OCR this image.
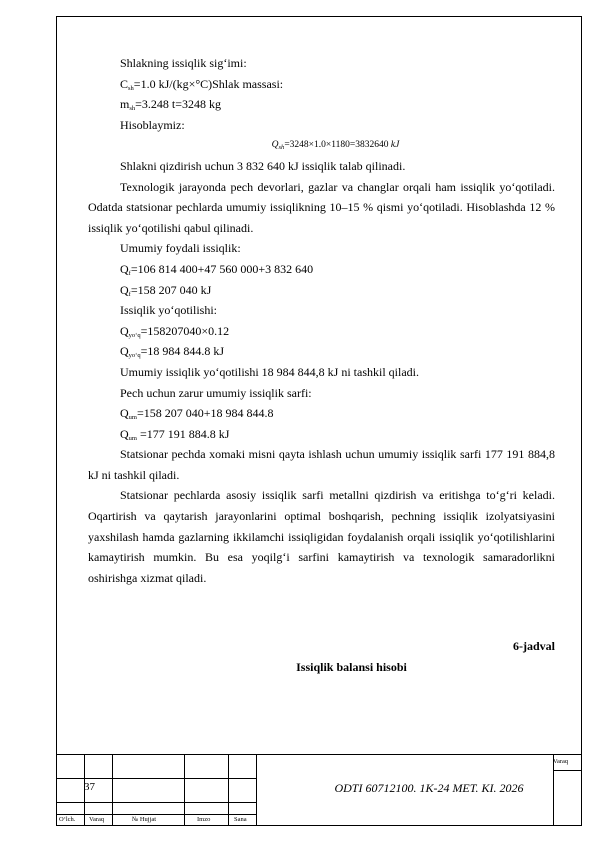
Shlakning issiqlik sig‘imi:

$C_{sh}=1.0$ kJ/(kg×°C)Shlak massasi:

$m_{sh}=3.248$ t=3248 kg

Hisoblaymiz:

$Q_{sh}=3248\times 1.0\times 1180=3832640$ kJ

Shlakni qizdirish uchun 3 832 640 kJ issiqlik talab qilinadi.

Texnologik jarayonda pech devorlari, gazlar va changlar orqali ham issiqlik yo‘qotiladi. Odatda statsionar pechlarda umumiy issiqlikning 10–15 % qismi yo‘qotiladi. Hisoblashda 12 % issiqlik yo‘qotilishi qabul qilinadi.

Umumiy foydali issiqlik:

$Q_f=106$ 814 400+47 560 000+3 832 640

$Q_f=158$ 207 040 kJ

Issiqlik yo‘qotilishi:

$Q_{yo‘q}=158207040\times 0.12$

$Q_{yo‘q}=18$ 984 844.8 kJ

Umumiy issiqlik yo‘qotilishi 18 984 844,8 kJ ni tashkil qiladi.

Pech uchun zarur umumiy issiqlik sarfi:

$Q_{um}=158$ 207 040+18 984 844.8

$Q_{um} =177$ 191 884.8 kJ

Statsionar pechda xomaki misni qayta ishlash uchun umumiy issiqlik sarfi 177 191 884,8 kJ ni tashkil qiladi.

Statsionar pechlarda asosiy issiqlik sarfi metallni qizdirish va eritishga to‘g‘ri keladi. Oqartirish va qaytarish jarayonlarini optimal boshqarish, pechning issiqlik izolyatsiyasini yaxshilash hamda gazlarning ikkilamchi issiqligidan foydalanish orqali issiqlik yo‘qotilishlarini kamaytirish mumkin. Bu esa yoqilg‘i sarfini kamaytirish va texnologik samaradorlikni oshirishga xizmat qiladi.

6-jadval

Issiqlik balansi hisobi

37	ODTI 60712100. 1K-24 MET. KI. 2026
Varaq
O‘lch. Varaq	№ Hujjat	Imzo	Sana
